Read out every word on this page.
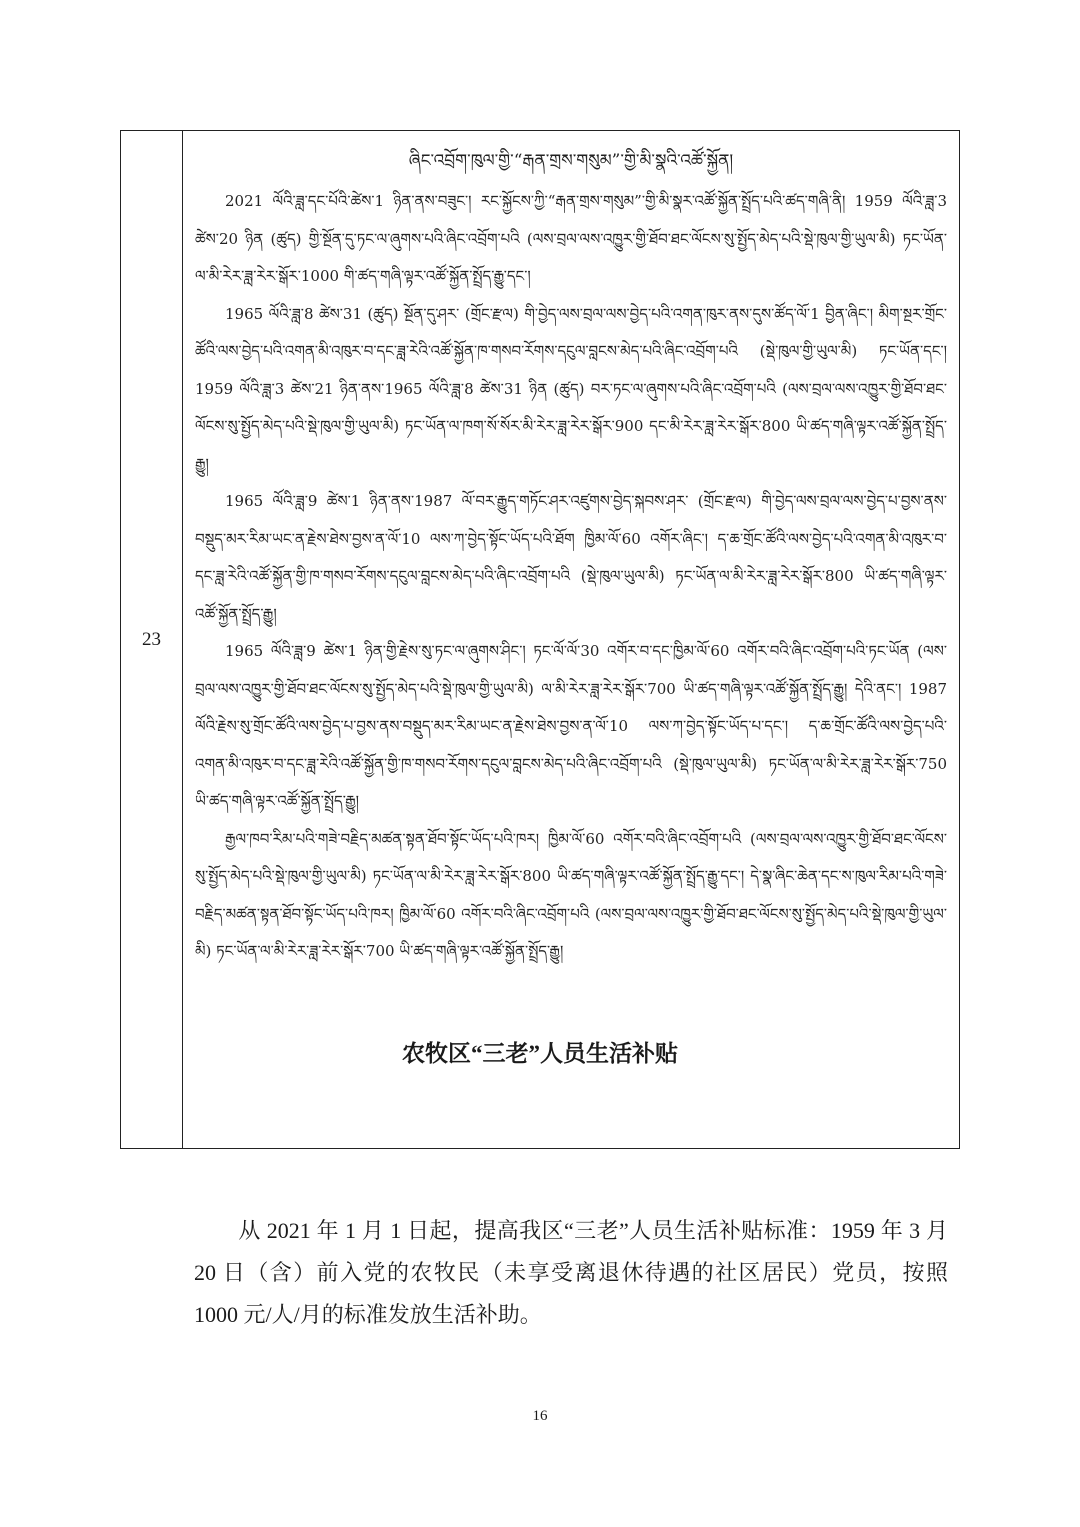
23
ཞིང་འབྲོག་ཁུལ་གྱི་“རྒན་གྲས་གསུམ”་གྱི་མི་སྣའི་འཚོ་སྐྱོན།

2021 ལོའི་ཟླ་དང་པོའི་ཚེས་1 ཉིན་ནས་བཟུང་། རང་སྐྱོངས་ཀྱི་“རྒན་གྲས་གསུམ”་གྱི་མི་སྣར་འཚོ་སྐྱོན་སྤྲོད་པའི་ཚད་གཞི་ནི། 1959 ལོའི་ཟླ་3 ཚེས་20 ཉིན (ཚུད) གྱི་སྔོན་དུ་ཏང་ལ་ཞུགས་པའི་ཞིང་འབྲོག་པའི (ལས་བྲལ་ལས་འཁྱུར་གྱི་ཐོབ་ཐང་ལོངས་སུ་སྤྱོད་མེད་པའི་སྡེ་ཁུལ་གྱི་ཡུལ་མི) ཏང་ཡོན་ལ་མི་རེར་ཟླ་རེར་སྒོར་1000 གི་ཚད་གཞི་ལྟར་འཚོ་སྐྱོན་སྤྲོད་རྒྱུ་དང་།

1965 ལོའི་ཟླ་8 ཚེས་31 (ཚུད) སྔོན་དུ་ཤར་ (གྲོང་རྫལ) གི་བྱེད་ལས་བྲལ་ལས་བྱེད་པའི་འགན་ཁུར་ནས་དུས་ཚོད་ལོ་1 བྱིན་ཞིང་། མིག་སྔར་གྲོང་ཚོའི་ལས་བྱེད་པའི་འགན་མི་འཁུར་བ་དང་ཟླ་རེའི་འཚོ་སྐྱོན་ཁ་གསབ་རོགས་དངུལ་བླངས་མེད་པའི་ཞིང་འབྲོག་པའི (སྡེ་ཁུལ་གྱི་ཡུལ་མི) ཏང་ཡོན་དང་། 1959 ལོའི་ཟླ་3 ཚེས་21 ཉིན་ནས་1965 ལོའི་ཟླ་8 ཚེས་31 ཉིན (ཚུད) བར་ཏང་ལ་ཞུགས་པའི་ཞིང་འབྲོག་པའི (ལས་བྲལ་ལས་འཁྱུར་གྱི་ཐོབ་ཐང་ལོངས་སུ་སྤྱོད་མེད་པའི་སྡེ་ཁུལ་གྱི་ཡུལ་མི) ཏང་ཡོན་ལ་ཁག་སོ་སོར་མི་རེར་ཟླ་རེར་སྒོར་900 དང་མི་རེར་ཟླ་རེར་སྒོར་800 ཡི་ཚད་གཞི་ལྟར་འཚོ་སྐྱོན་སྤྲོད་རྒྱུ།

1965 ལོའི་ཟླ་9 ཚེས་1 ཉིན་ནས་1987 ལོ་བར་རྒྱུད་གཏོང་ཤར་འཛུགས་བྱེད་སྐབས་ཤར་ (གྲོང་རྫལ) གི་བྱེད་ལས་བྲལ་ལས་བྱེད་པ་བྱས་ནས་བསྡུད་མར་རིམ་ཡང་ན་རྗེས་ཐེས་བྱས་ན་ལོ་10 ལས་ཀ་བྱེད་སྟོང་ཡོད་པའི་ཐོག ཁྱིམ་ལོ་60 འགོར་ཞིང་། ད་ཆ་གྲོང་ཚོའི་ལས་བྱེད་པའི་འགན་མི་འཁུར་བ་དང་ཟླ་རེའི་འཚོ་སྐྱོན་གྱི་ཁ་གསབ་རོགས་དངུལ་བླངས་མེད་པའི་ཞིང་འབྲོག་པའི (སྡེ་ཁུལ་ཡུལ་མི) ཏང་ཡོན་ལ་མི་རེར་ཟླ་རེར་སྒོར་800 ཡི་ཚད་གཞི་ལྟར་འཚོ་སྐྱོན་སྤྲོད་རྒྱུ།

1965 ལོའི་ཟླ་9 ཚེས་1 ཉིན་གྱི་རྗེས་སུ་ཏང་ལ་ཞུགས་ཤིང་། ཏང་ལོ་ལོ་30 འགོར་བ་དང་ཁྱིམ་ལོ་60 འགོར་བའི་ཞིང་འབྲོག་པའི་ཏང་ཡོན (ལས་བྲལ་ལས་འཁྱུར་གྱི་ཐོབ་ཐང་ལོངས་སུ་སྤྱོད་མེད་པའི་སྡེ་ཁུལ་གྱི་ཡུལ་མི) ལ་མི་རེར་ཟླ་རེར་སྒོར་700 ཡི་ཚད་གཞི་ལྟར་འཚོ་སྐྱོན་སྤྲོད་རྒྱུ། དེའི་ནང་། 1987 ལོའི་རྗེས་སུ་གྲོང་ཚོའི་ལས་བྱེད་པ་བྱས་ནས་བསྡུད་མར་རིམ་ཡང་ན་རྗེས་ཐེས་བྱས་ན་ལོ་10 ལས་ཀ་བྱེད་སྟོང་ཡོད་པ་དང་། ད་ཆ་གྲོང་ཚོའི་ལས་བྱེད་པའི་འགན་མི་འཁུར་བ་དང་ཟླ་རེའི་འཚོ་སྐྱོན་གྱི་ཁ་གསབ་རོགས་དངུལ་བླངས་མེད་པའི་ཞིང་འབྲོག་པའི (སྡེ་ཁུལ་ཡུལ་མི) ཏང་ཡོན་ལ་མི་རེར་ཟླ་རེར་སྒོར་750 ཡི་ཚད་གཞི་ལྟར་འཚོ་སྐྱོན་སྤྲོད་རྒྱུ།

རྒྱལ་ཁབ་རིམ་པའི་གཟེ་བརྗིད་མཚན་སྟན་ཐོབ་སྟོང་ཡོད་པའི་ཁར། ཁྱིམ་ལོ་60 འགོར་བའི་ཞིང་འབྲོག་པའི (ལས་བྲལ་ལས་འཁྱུར་གྱི་ཐོབ་ཐང་ལོངས་སུ་སྤྱོད་མེད་པའི་སྡེ་ཁུལ་གྱི་ཡུལ་མི) ཏང་ཡོན་ལ་མི་རེར་ཟླ་རེར་སྒོར་800 ཡི་ཚད་གཞི་ལྟར་འཚོ་སྐྱོན་སྤྲོད་རྒྱུ་དང་། དེ་སྣ་ཞིང་ཆེན་དང་ས་ཁུལ་རིམ་པའི་གཟེ་བརྗིད་མཚན་སྟན་ཐོབ་སྟོང་ཡོད་པའི་ཁར། ཁྱིམ་ལོ་60 འགོར་བའི་ཞིང་འབྲོག་པའི (ལས་བྲལ་ལས་འཁྱུར་གྱི་ཐོབ་ཐང་ལོངས་སུ་སྤྱོད་མེད་པའི་སྡེ་ཁུལ་གྱི་ཡུལ་མི) ཏང་ཡོན་ལ་མི་རེར་ཟླ་རེར་སྒོར་700 ཡི་ཚད་གཞི་ལྟར་འཚོ་སྐྱོན་སྤྲོད་རྒྱུ།

农牧区“三老”人员生活补贴

从 2021 年 1 月 1 日起，提高我区“三老”人员生活补贴标准：1959 年 3 月 20 日（含）前入党的农牧民（未享受离退休待遇的社区居民）党员，按照 1000 元/人/月的标准发放生活补助。

16
